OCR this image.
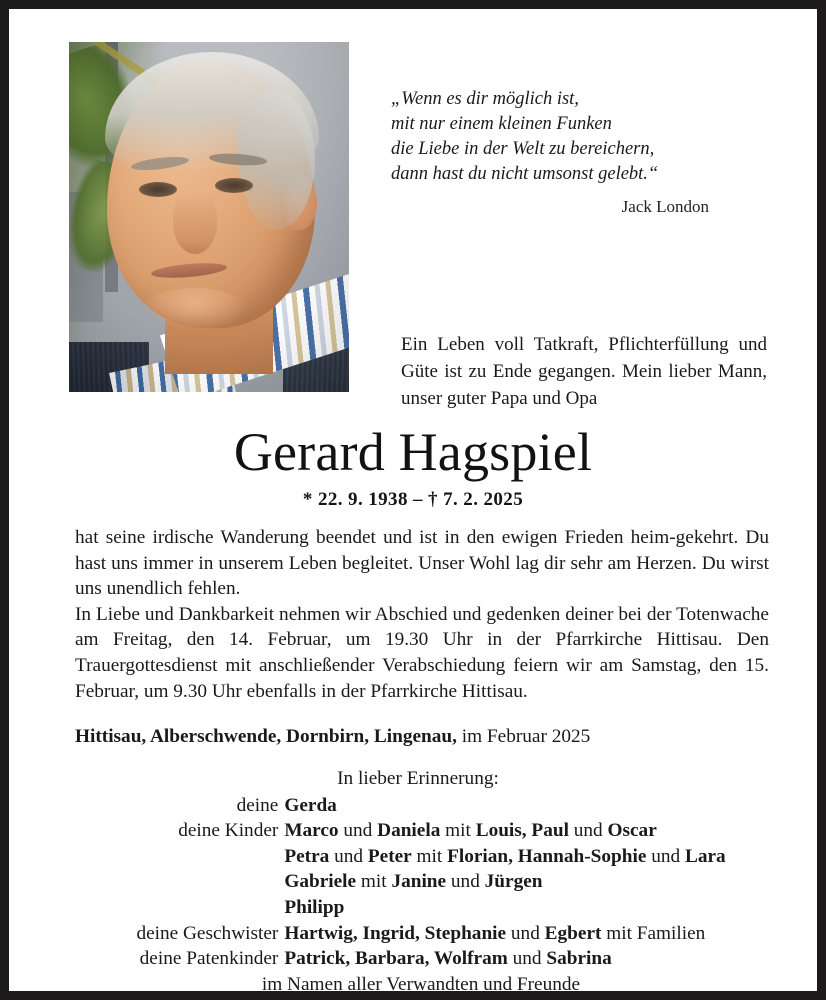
„Wenn es dir möglich ist,
mit nur einem kleinen Funken
die Liebe in der Welt zu bereichern,
dann hast du nicht umsonst gelebt.“
Jack London
Ein Leben voll Tatkraft, Pflichterfüllung und Güte ist zu Ende gegangen. Mein lieber Mann, unser guter Papa und Opa
Gerard Hagspiel
* 22. 9. 1938 – † 7. 2. 2025

hat seine irdische Wanderung beendet und ist in den ewigen Frieden heim-gekehrt. Du hast uns immer in unserem Leben begleitet. Unser Wohl lag dir sehr am Herzen. Du wirst uns unendlich fehlen.

In Liebe und Dankbarkeit nehmen wir Abschied und gedenken deiner bei der Totenwache am Freitag, den 14. Februar, um 19.30 Uhr in der Pfarrkirche Hittisau. Den Trauergottesdienst mit anschließender Verabschiedung feiern wir am Samstag, den 15. Februar, um 9.30 Uhr ebenfalls in der Pfarrkirche Hittisau.

Hittisau, Alberschwende, Dornbirn, Lingenau, im Februar 2025
In lieber Erinnerung:
deine Gerda
deine Kinder Marco und Daniela mit Louis, Paul und Oscar
Petra und Peter mit Florian, Hannah-Sophie und Lara
Gabriele mit Janine und Jürgen
Philipp
deine Geschwister Hartwig, Ingrid, Stephanie und Egbert mit Familien
deine Patenkinder Patrick, Barbara, Wolfram und Sabrina
im Namen aller Verwandten und Freunde
